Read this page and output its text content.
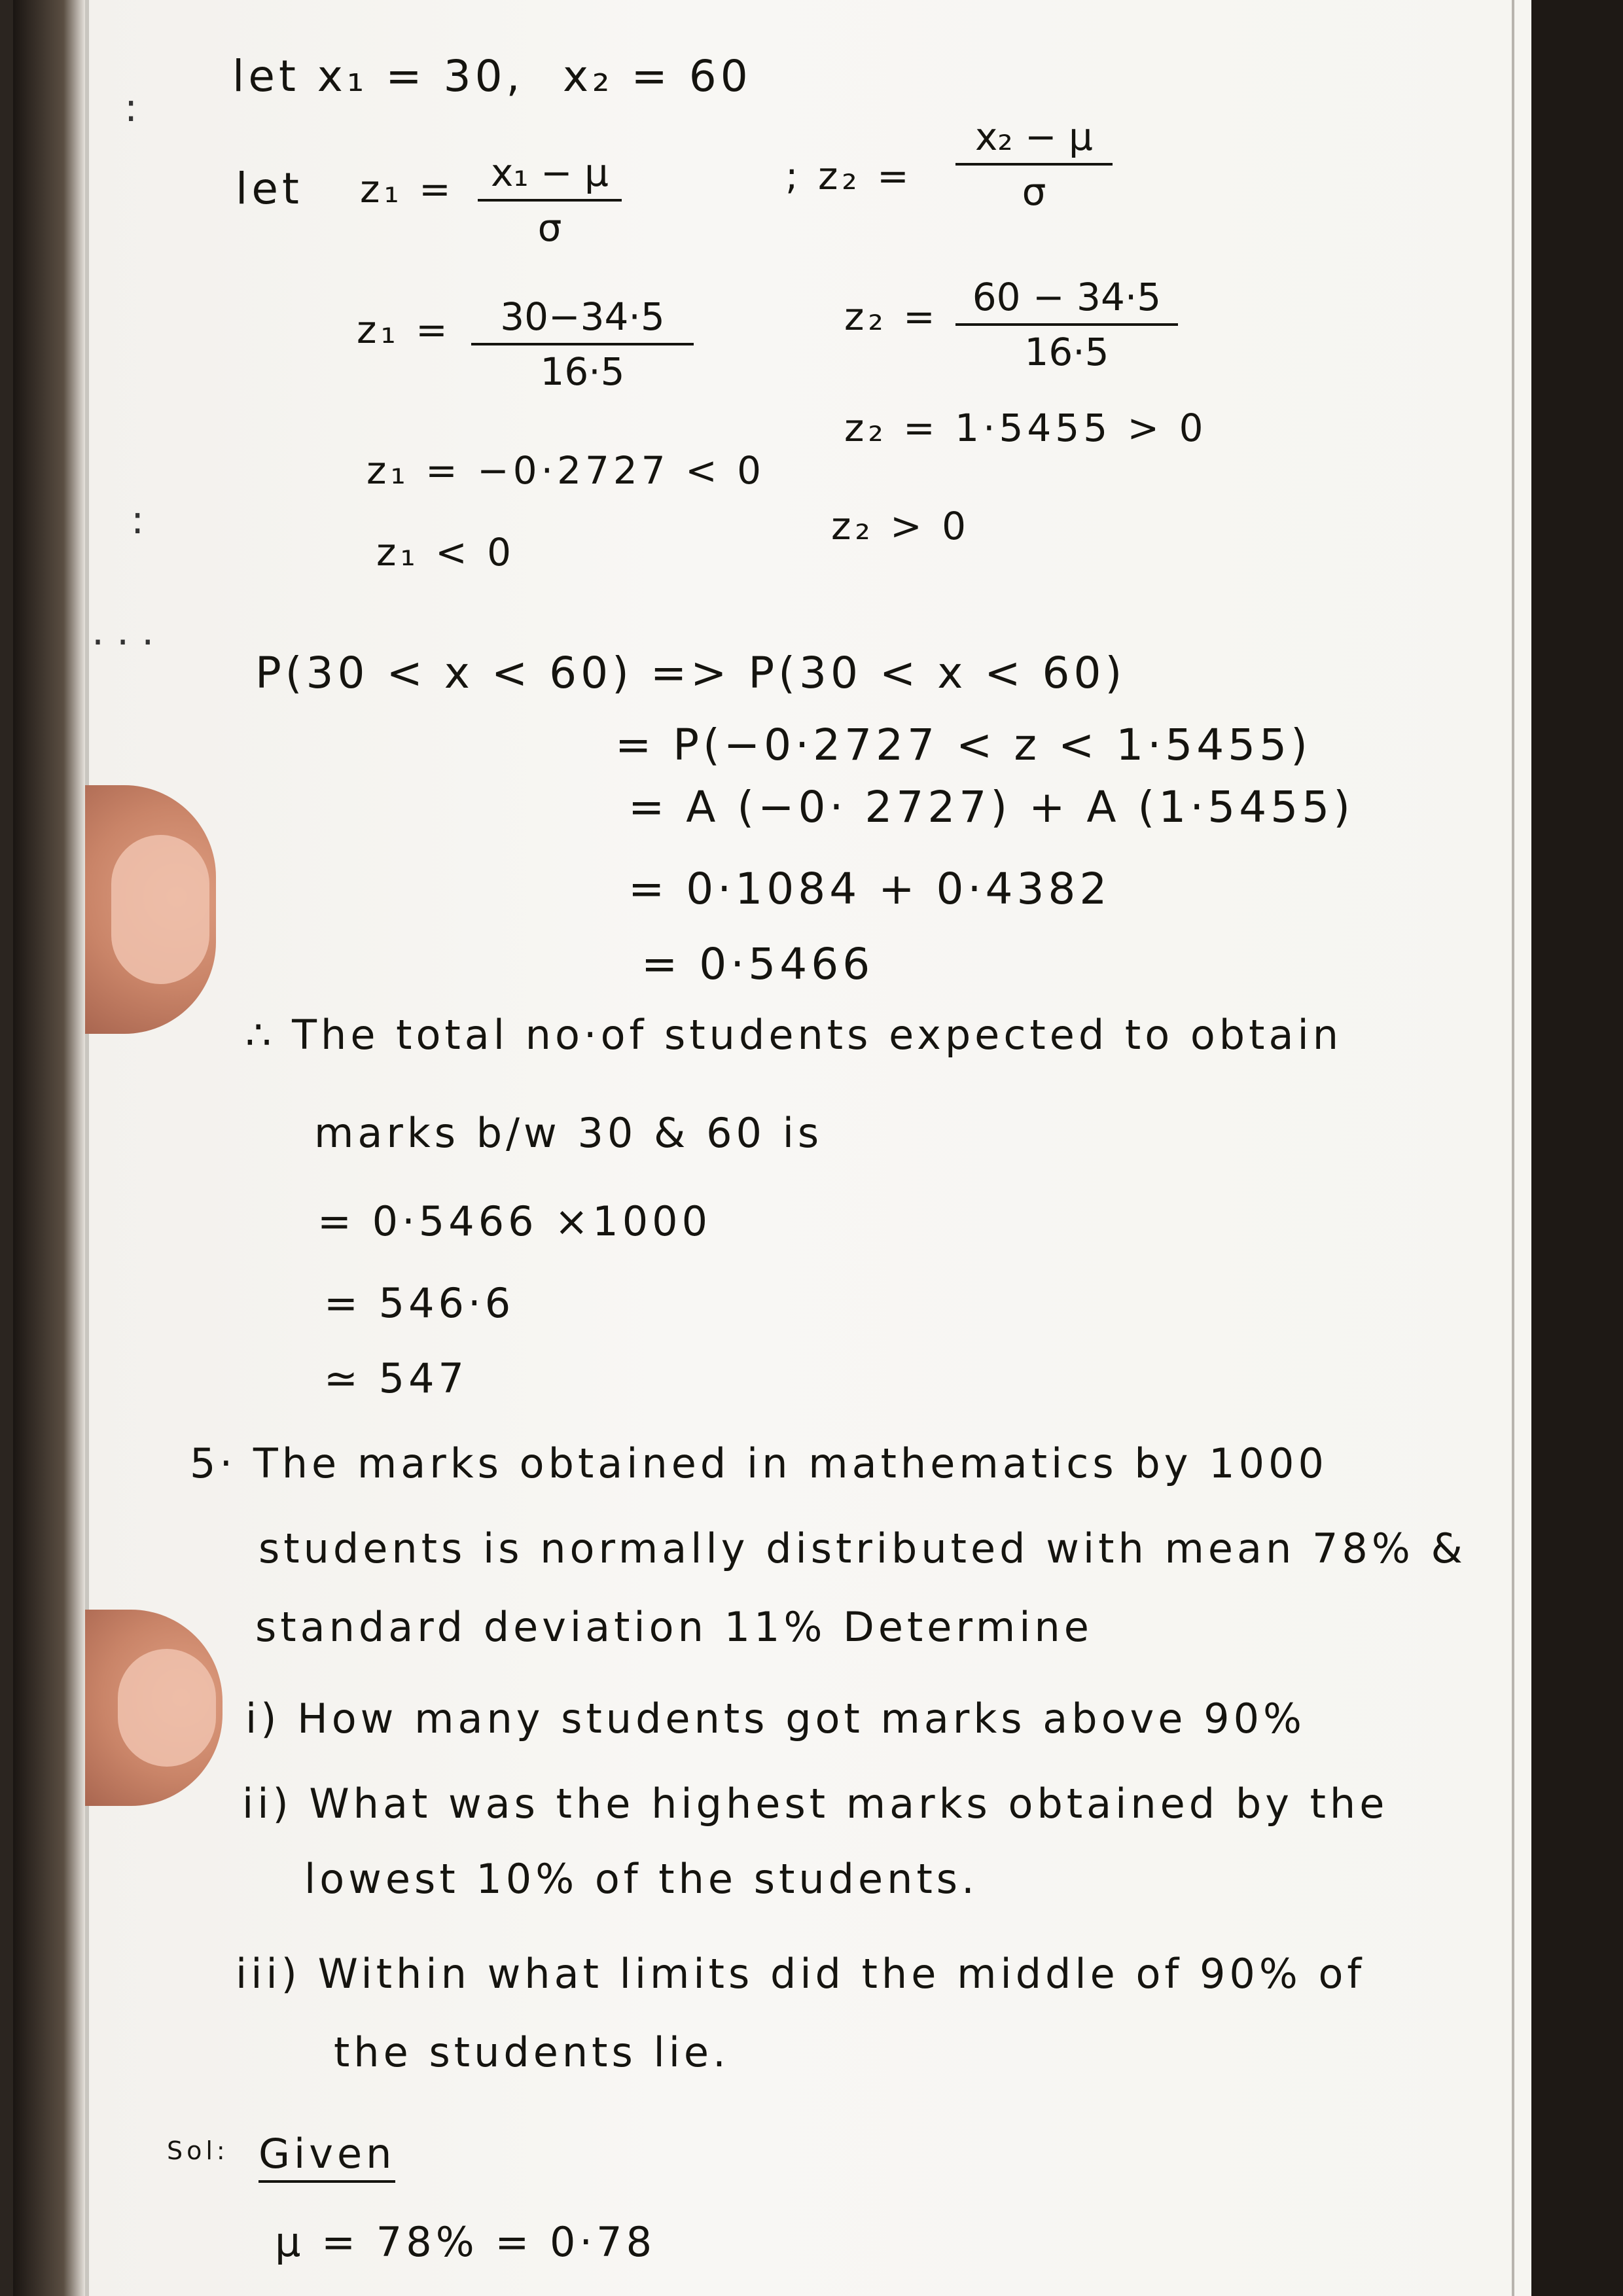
:
:
. . .
let x₁ = 30, x₂ = 60
let $z_1 = \frac{\text{x₁ − μ}}{\sigma}$	; $z_2 = \frac{\text{x₂ − μ}}{\sigma}$
$z_1 = \frac{30-34\cdot 5}{16\cdot 5}$	$z_2 = \frac{60 - 34\cdot 5}{16\cdot 5}$
z₁ = −0·2727 < 0
z₂ = 1·5455 > 0
z₁ < 0
z₂ > 0
P(30 < x < 60) => P(30 < x < 60)
= P(−0·2727 < z < 1·5455)
= A (−0· 2727) + A (1·5455)
= 0·1084 + 0·4382
= 0·5466
∴ The total no·of students expected to obtain
marks b/w 30 & 60 is
= 0·5466 ×1000
= 546·6
≃ 547
5· The marks obtained in mathematics by 1000
students is normally distributed with mean 78% &
standard deviation 11% Determine
i) How many students got marks above 90%
ii) What was the highest marks obtained by the
lowest 10% of the students.
iii) Within what limits did the middle of 90% of
the students lie.
Sol: Given
μ = 78% = 0·78
